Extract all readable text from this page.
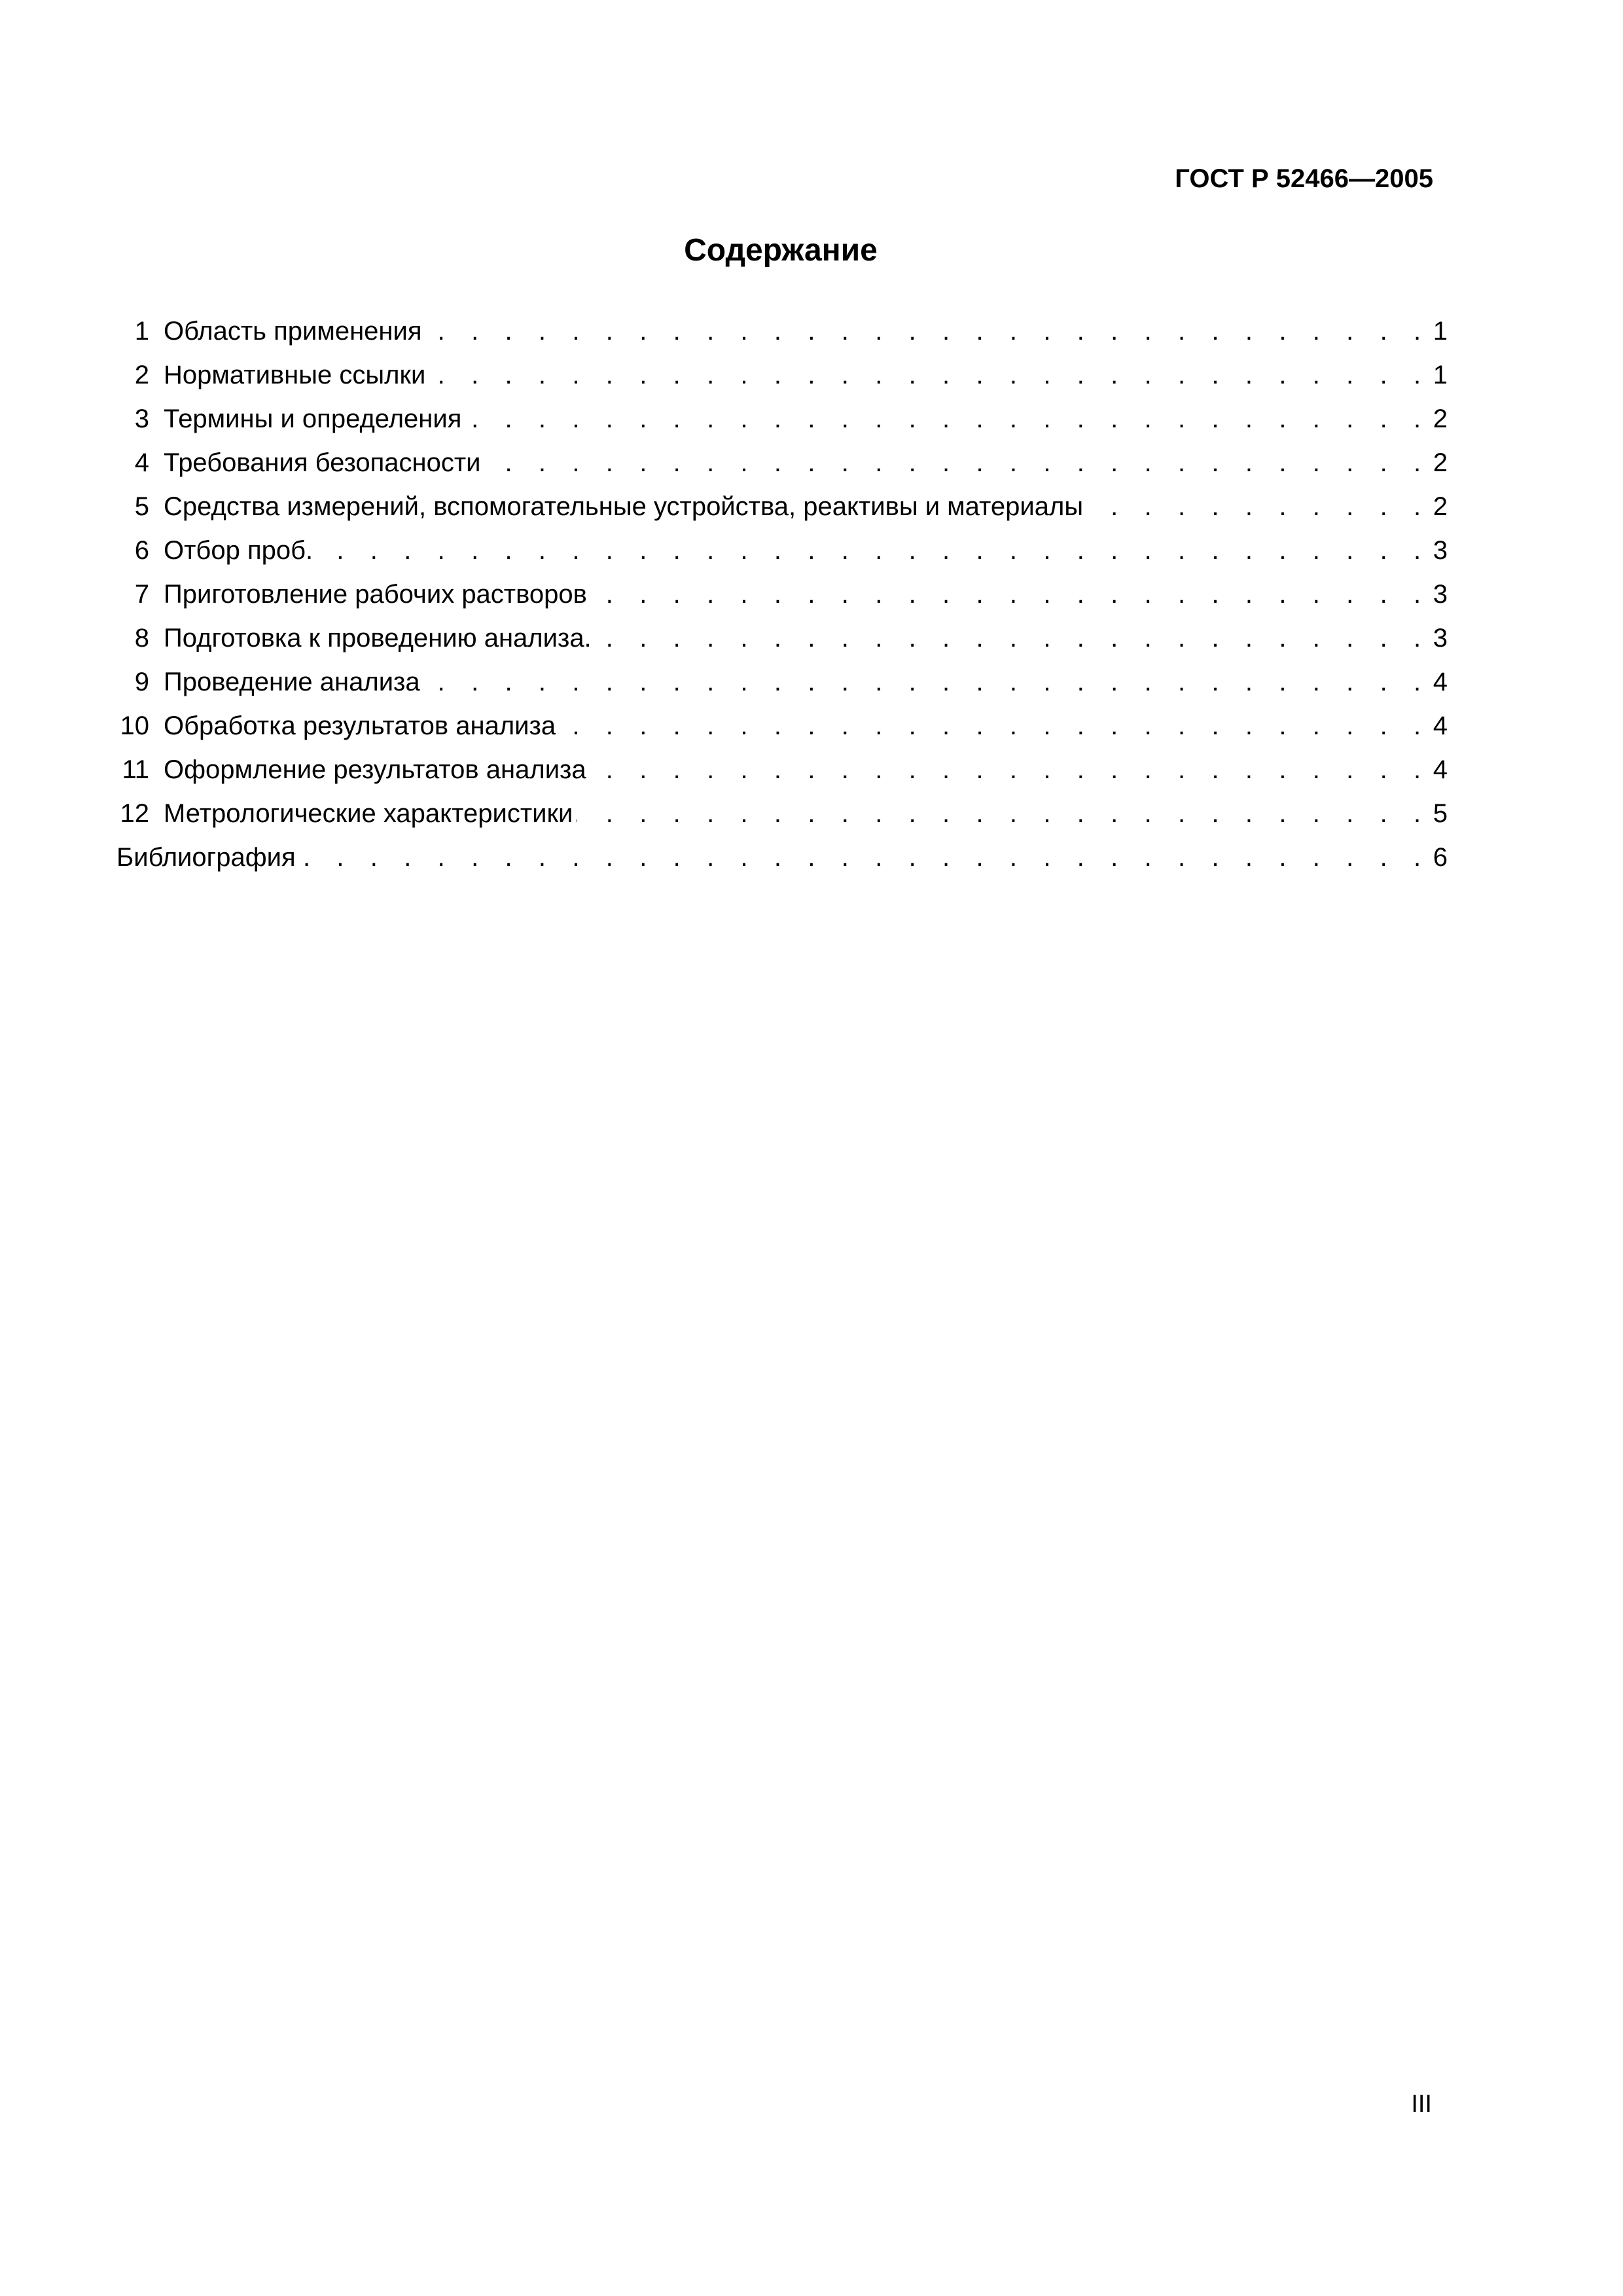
ГОСТ Р 52466—2005
Содержание
1 Область применения . . .	1
2 Нормативные ссылки . . .	1
3 Термины и определения . . .	2
4 Требования безопасности . . .	2
5 Средства измерений, вспомогательные устройства, реактивы и материалы . . .	2
6 Отбор проб. . . .	3
7 Приготовление рабочих растворов . . .	3
8 Подготовка к проведению анализа. . . .	3
9 Проведение анализа . . .	4
10 Обработка результатов анализа . . .	4
11 Оформление результатов анализа . . .	4
12 Метрологические характеристики . . .	5
Библиография . . .	6
III
